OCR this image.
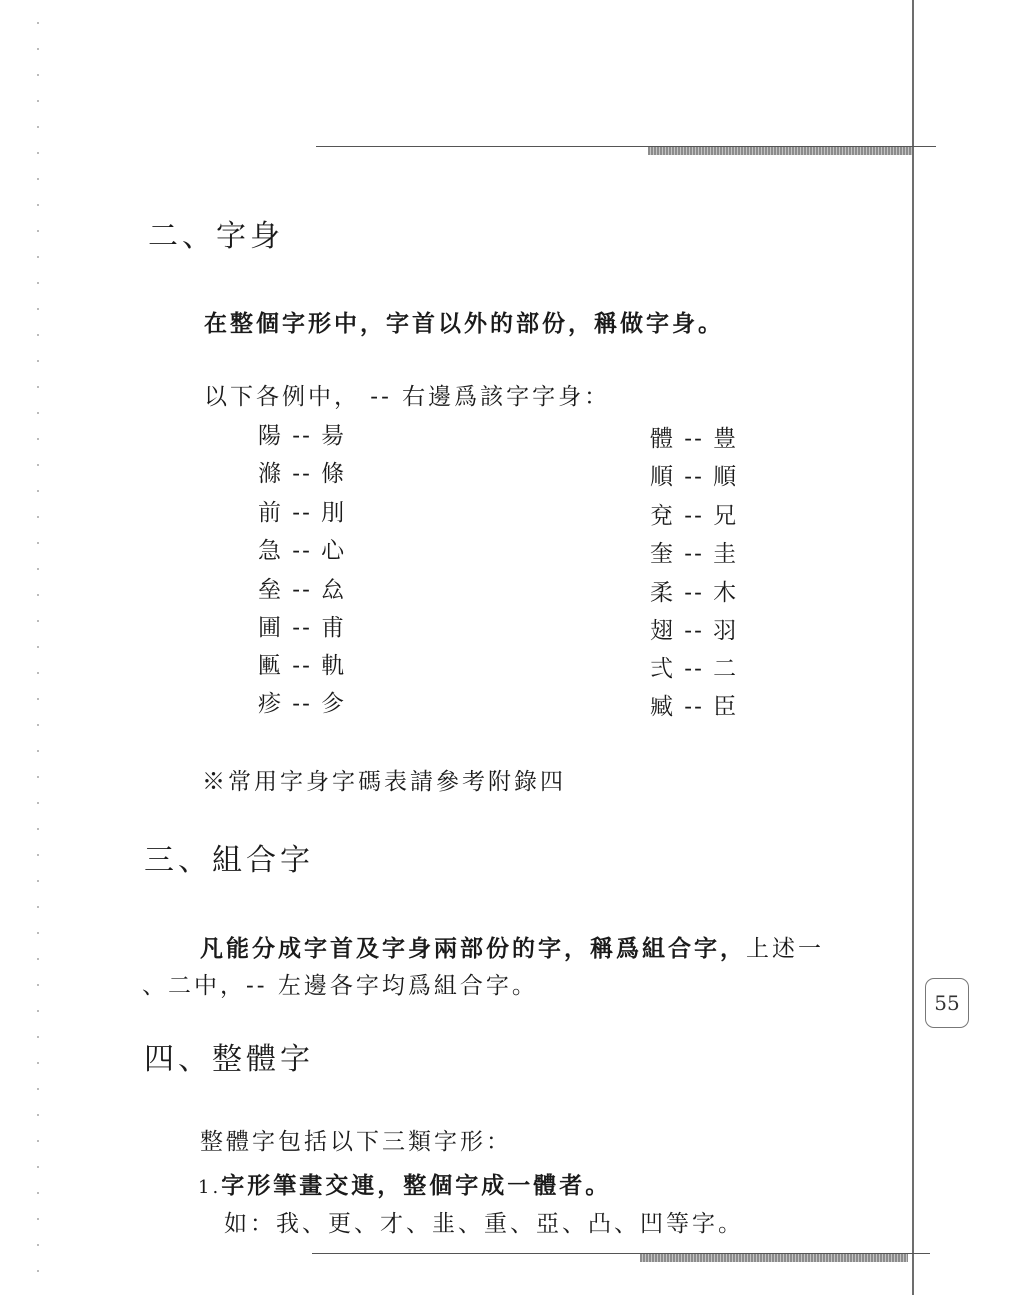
二、字身
在整個字形中，字首以外的部份，稱做字身。
以下各例中， -- 右邊爲該字字身：
陽 -- 昜
滌 -- 條
前 -- 刖
急 -- 心
垒 -- 厽
圃 -- 甫
匭 -- 軌
疹 -- 㐱
體 -- 豊
順 -- 順
兗 -- 兄
奎 -- 圭
柔 -- 木
翅 -- 羽
弍 -- 二
臧 -- 臣
※常用字身字碼表請參考附錄四
三、組合字
凡能分成字首及字身兩部份的字，稱爲組合字，上述一
、二中，-- 左邊各字均爲組合字。
四、整體字
整體字包括以下三類字形：
1.字形筆畫交連，整個字成一體者。
如：我、更、才、韭、重、亞、凸、凹等字。
55
